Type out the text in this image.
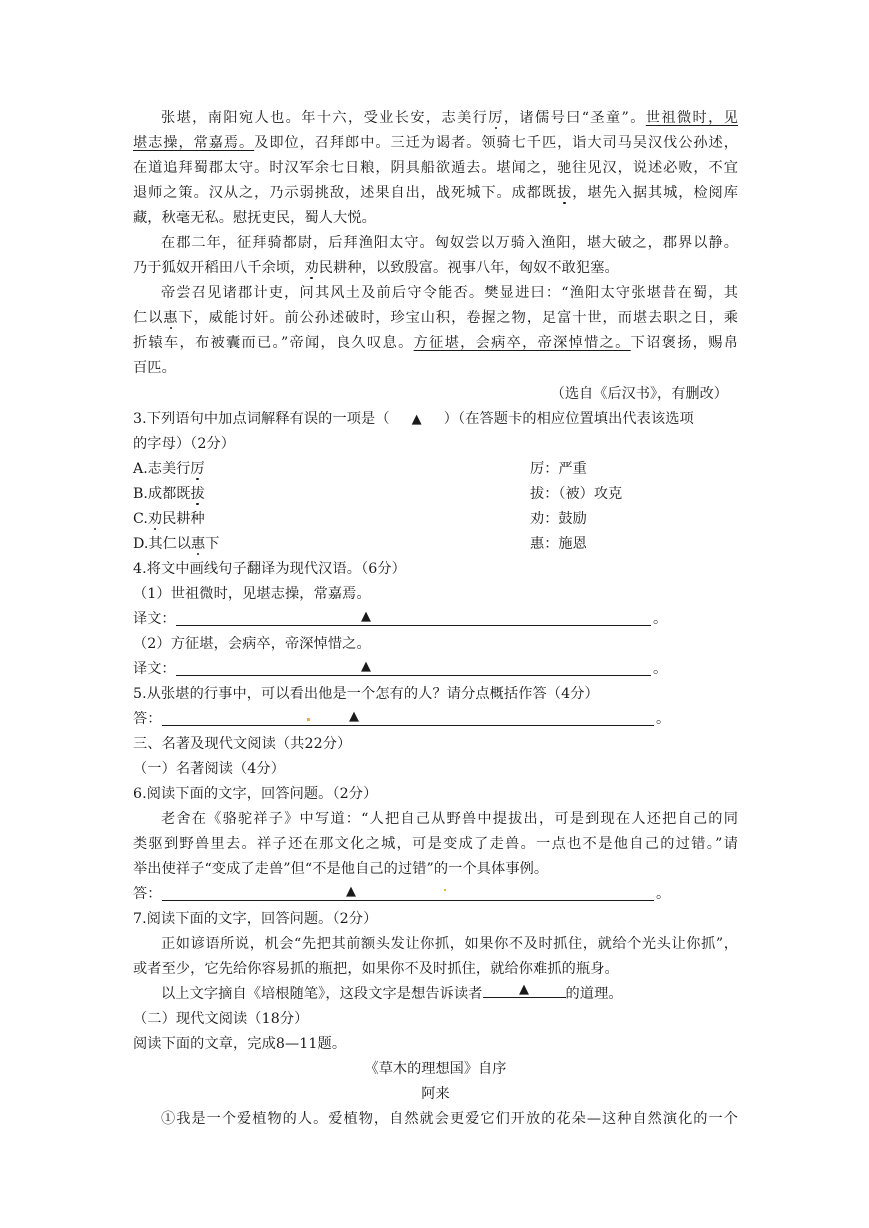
张堪，南阳宛人也。年十六，受业长安，志美行厉，诸儒号曰“圣童”。世祖微时，见
堪志操，常嘉焉。及即位，召拜郎中。三迁为谒者。领骑七千匹，诣大司马吴汉伐公孙述，
在道追拜蜀郡太守。时汉军余七日粮，阴具船欲遁去。堪闻之，驰往见汉，说述必败，不宜
退师之策。汉从之，乃示弱挑敌，述果自出，战死城下。成都既拔，堪先入据其城，检阅库
藏，秋毫无私。慰抚吏民，蜀人大悦。
在郡二年，征拜骑都尉，后拜渔阳太守。匈奴尝以万骑入渔阳，堪大破之，郡界以静。
乃于狐奴开稻田八千余顷，劝民耕种，以致殷富。视事八年，匈奴不敢犯塞。
帝尝召见诸郡计吏，问其风土及前后守令能否。樊显进曰：“渔阳太守张堪昔在蜀，其
仁以惠下，威能讨奸。前公孙述破时，珍宝山积，卷握之物，足富十世，而堪去职之日，乘
折辕车，布被囊而已。”帝闻，良久叹息。方征堪，会病卒，帝深悼惜之。下诏褒扬，赐帛
百匹。
（选自《后汉书》，有删改）
3.下列语句中加点词解释有误的一项是（ ▲ ）（在答题卡的相应位置填出代表该选项
的字母）（2分）
A.志美行厉	厉：严重
B.成都既拔	拔：（被）攻克
C.劝民耕种	劝：鼓励
D.其仁以惠下	惠：施恩
4.将文中画线句子翻译为现代汉语。（6分）
（1）世祖微时，见堪志操，常嘉焉。
译文：	▲	。
（2）方征堪，会病卒，帝深悼惜之。
译文：	▲	。
5.从张堪的行事中，可以看出他是一个怎有的人？请分点概括作答（4分）
答：	▲	。
三、名著及现代文阅读（共22分）
（一）名著阅读（4分）
6.阅读下面的文字，回答问题。（2分）
老舍在《骆驼祥子》中写道：“人把自己从野兽中提拔出，可是到现在人还把自己的同
类驱到野兽里去。祥子还在那文化之城，可是变成了走兽。一点也不是他自己的过错。”请
举出使祥子“变成了走兽”但“不是他自己的过错”的一个具体事例。
答：	▲	。
7.阅读下面的文字，回答问题。（2分）
正如谚语所说，机会“先把其前额头发让你抓，如果你不及时抓住，就给个光头让你抓”，
或者至少，它先给你容易抓的瓶把，如果你不及时抓住，就给你难抓的瓶身。
以上文字摘自《培根随笔》，这段文字是想告诉读者	▲	的道理。
（二）现代文阅读（18分）
阅读下面的文章，完成8—11题。
《草木的理想国》自序
阿来
①我是一个爱植物的人。爱植物，自然就会更爱它们开放的花朵—这种自然演化的一个
